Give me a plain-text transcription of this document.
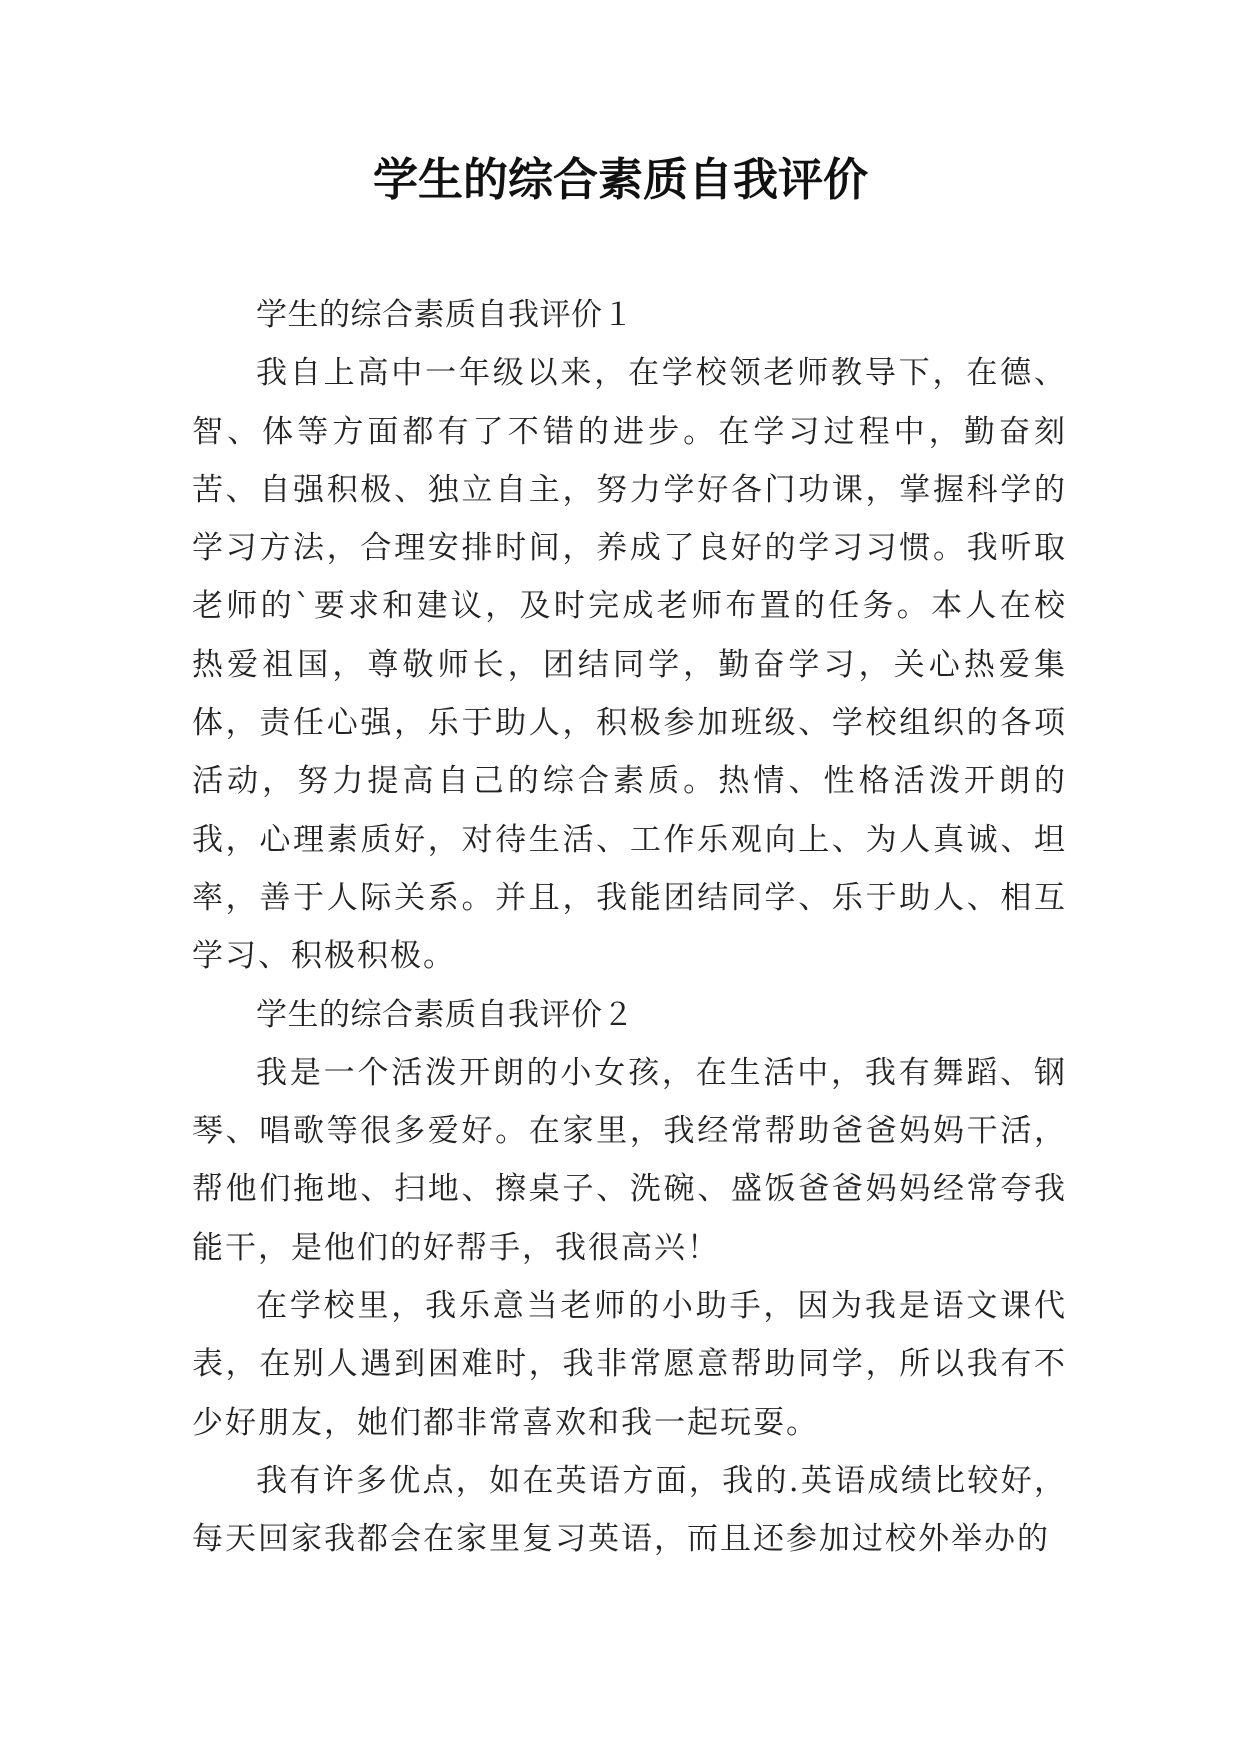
学生的综合素质自我评价

学生的综合素质自我评价１

我自上高中一年级以来，在学校领老师教导下，在德、智、体等方面都有了不错的进步。在学习过程中，勤奋刻苦、自强积极、独立自主，努力学好各门功课，掌握科学的学习方法，合理安排时间，养成了良好的学习习惯。我听取老师的`要求和建议，及时完成老师布置的任务。本人在校热爱祖国，尊敬师长，团结同学，勤奋学习，关心热爱集体，责任心强，乐于助人，积极参加班级、学校组织的各项活动，努力提高自己的综合素质。热情、性格活泼开朗的我，心理素质好，对待生活、工作乐观向上、为人真诚、坦率，善于人际关系。并且，我能团结同学、乐于助人、相互学习、积极积极。

学生的综合素质自我评价２

我是一个活泼开朗的小女孩，在生活中，我有舞蹈、钢琴、唱歌等很多爱好。在家里，我经常帮助爸爸妈妈干活，帮他们拖地、扫地、擦桌子、洗碗、盛饭爸爸妈妈经常夸我能干，是他们的好帮手，我很高兴！

在学校里，我乐意当老师的小助手，因为我是语文课代表，在别人遇到困难时，我非常愿意帮助同学，所以我有不少好朋友，她们都非常喜欢和我一起玩耍。

我有许多优点，如在英语方面，我的.英语成绩比较好，每天回家我都会在家里复习英语，而且还参加过校外举办的
